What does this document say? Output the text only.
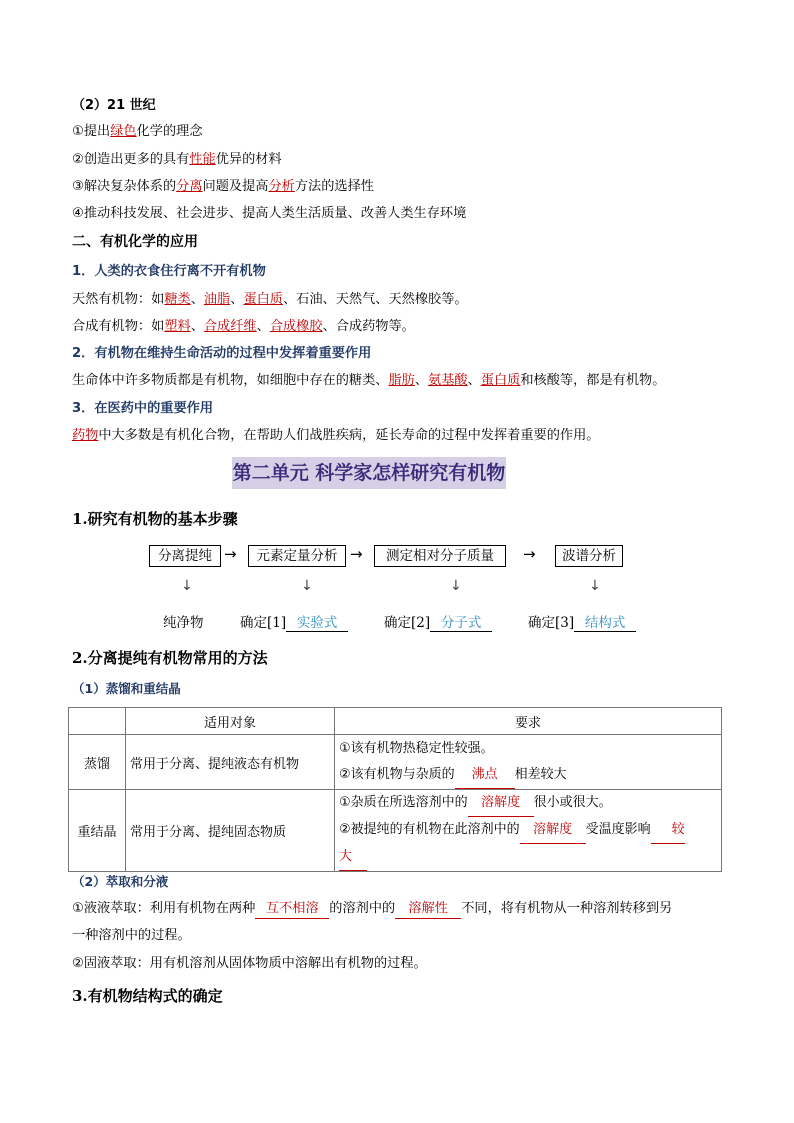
（2）21 世纪
①提出绿色化学的理念
②创造出更多的具有性能优异的材料
③解决复杂体系的分离问题及提高分析方法的选择性
④推动科技发展、社会进步、提高人类生活质量、改善人类生存环境
二、有机化学的应用
1．人类的衣食住行离不开有机物
天然有机物：如糖类、油脂、蛋白质、石油、天然气、天然橡胶等。
合成有机物：如塑料、合成纤维、合成橡胶、合成药物等。
2．有机物在维持生命活动的过程中发挥着重要作用
生命体中许多物质都是有机物，如细胞中存在的糖类、脂肪、氨基酸、蛋白质和核酸等，都是有机物。
3．在医药中的重要作用
药物中大多数是有机化合物，在帮助人们战胜疾病，延长寿命的过程中发挥着重要的作用。
第二单元 科学家怎样研究有机物
1.研究有机物的基本步骤
分离提纯 →	元素定量分析 →	测定相对分子质量	→	波谱分析
↓	↓	↓	↓
纯净物	确定[1] 实验式	确定[2] 分子式	确定[3] 结构式
2.分离提纯有机物常用的方法
（1）蒸馏和重结晶
	适用对象	要求
蒸馏	常用于分离、提纯液态有机物	①该有机物热稳定性较强。
②该有机物与杂质的 沸点 相差较大

重结晶	常用于分离、提纯固态物质	①杂质在所选溶剂中的 溶解度 很小或很大。
②被提纯的有机物在此溶剂中的 溶解度 受温度影响 较
大
（2）萃取和分液
①液液萃取：利用有机物在两种 互不相溶 的溶剂中的 溶解性 不同，将有机物从一种溶剂转移到另
一种溶剂中的过程。
②固液萃取：用有机溶剂从固体物质中溶解出有机物的过程。
3.有机物结构式的确定
